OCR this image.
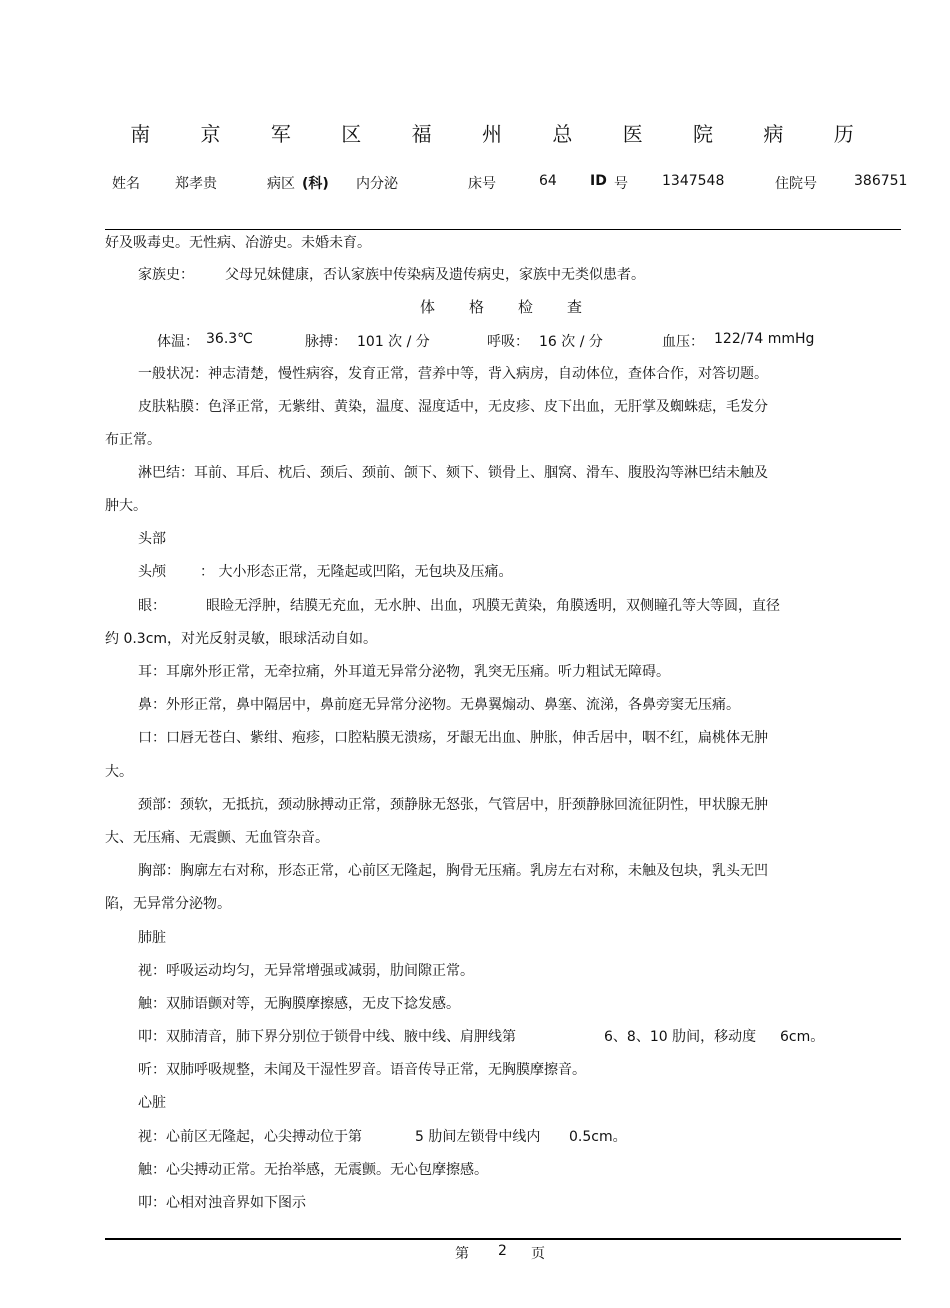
南 京 军 区 福 州 总 医 院 病 历
姓名	郑孝贵	病区 (科) 内分泌	床号	64 ID 号 1347548	住院号	386751
好及吸毒史。无性病、冶游史。未婚未育。
家族史： 父母兄妹健康，否认家族中传染病及遗传病史，家族中无类似患者。
体格检查
体温： 36.3℃	脉搏： 101 次 / 分	呼吸： 16 次 / 分	血压： 122/74 mmHg
一般状况：神志清楚，慢性病容，发育正常，营养中等，背入病房，自动体位，查体合作，对答切题。
皮肤粘膜：色泽正常，无紫绀、黄染，温度、湿度适中，无皮疹、皮下出血，无肝掌及蜘蛛痣，毛发分
布正常。
淋巴结：耳前、耳后、枕后、颈后、颈前、颌下、颏下、锁骨上、腘窝、滑车、腹股沟等淋巴结未触及
肿大。
头部
头颅 ： 大小形态正常，无隆起或凹陷，无包块及压痛。
眼：	眼睑无浮肿，结膜无充血，无水肿、出血，巩膜无黄染，角膜透明，双侧瞳孔等大等圆，直径
约 0.3cm，对光反射灵敏，眼球活动自如。
耳：耳廓外形正常，无牵拉痛，外耳道无异常分泌物，乳突无压痛。听力粗试无障碍。
鼻：外形正常，鼻中隔居中，鼻前庭无异常分泌物。无鼻翼煽动、鼻塞、流涕，各鼻旁窦无压痛。
口：口唇无苍白、紫绀、疱疹，口腔粘膜无溃疡，牙龈无出血、肿胀，伸舌居中，咽不红，扁桃体无肿
大。
颈部：颈软，无抵抗，颈动脉搏动正常，颈静脉无怒张，气管居中，肝颈静脉回流征阴性，甲状腺无肿
大、无压痛、无震颤、无血管杂音。
胸部：胸廓左右对称，形态正常，心前区无隆起，胸骨无压痛。乳房左右对称，未触及包块，乳头无凹
陷，无异常分泌物。
肺脏
视：呼吸运动均匀，无异常增强或减弱，肋间隙正常。
触：双肺语颤对等，无胸膜摩擦感，无皮下捻发感。
叩：双肺清音，肺下界分别位于锁骨中线、腋中线、肩胛线第	6、8、10 肋间，移动度 6cm。
听：双肺呼吸规整，未闻及干湿性罗音。语音传导正常，无胸膜摩擦音。
心脏
视：心前区无隆起，心尖搏动位于第	5 肋间左锁骨中线内 0.5cm。
触：心尖搏动正常。无抬举感，无震颤。无心包摩擦感。
叩：心相对浊音界如下图示
第 2 页
